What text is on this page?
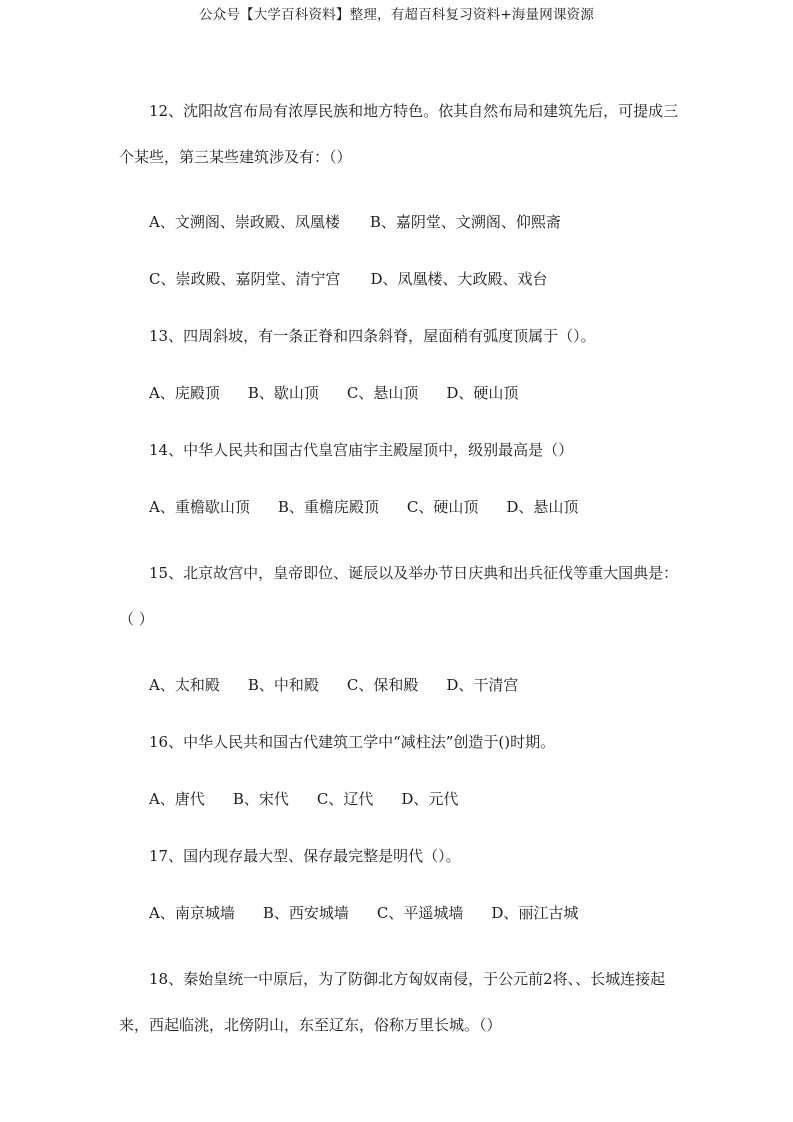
公众号【大学百科资料】整理，有超百科复习资料+海量网课资源

12、沈阳故宫布局有浓厚民族和地方特色。依其自然布局和建筑先后，可提成三个某些，第三某些建筑涉及有：（）

A、文溯阁、崇政殿、凤凰楼 B、嘉阴堂、文溯阁、仰熙斋
C、崇政殿、嘉阴堂、清宁宫 D、凤凰楼、大政殿、戏台

13、四周斜坡，有一条正脊和四条斜脊，屋面稍有弧度顶属于（）。

A、庑殿顶 B、歇山顶 C、悬山顶 D、硬山顶

14、中华人民共和国古代皇宫庙宇主殿屋顶中，级别最高是（）

A、重檐歇山顶 B、重檐庑殿顶 C、硬山顶 D、悬山顶

15、北京故宫中，皇帝即位、诞辰以及举办节日庆典和出兵征伐等重大国典是：（ ）

A、太和殿 B、中和殿 C、保和殿 D、干清宫

16、中华人民共和国古代建筑工学中“减柱法”创造于()时期。

A、唐代 B、宋代 C、辽代 D、元代

17、国内现存最大型、保存最完整是明代（）。

A、南京城墙 B、西安城墙 C、平遥城墙 D、丽江古城

18、秦始皇统一中原后，为了防御北方匈奴南侵，于公元前2将、、长城连接起来，西起临洮，北傍阴山，东至辽东，俗称万里长城。（）
